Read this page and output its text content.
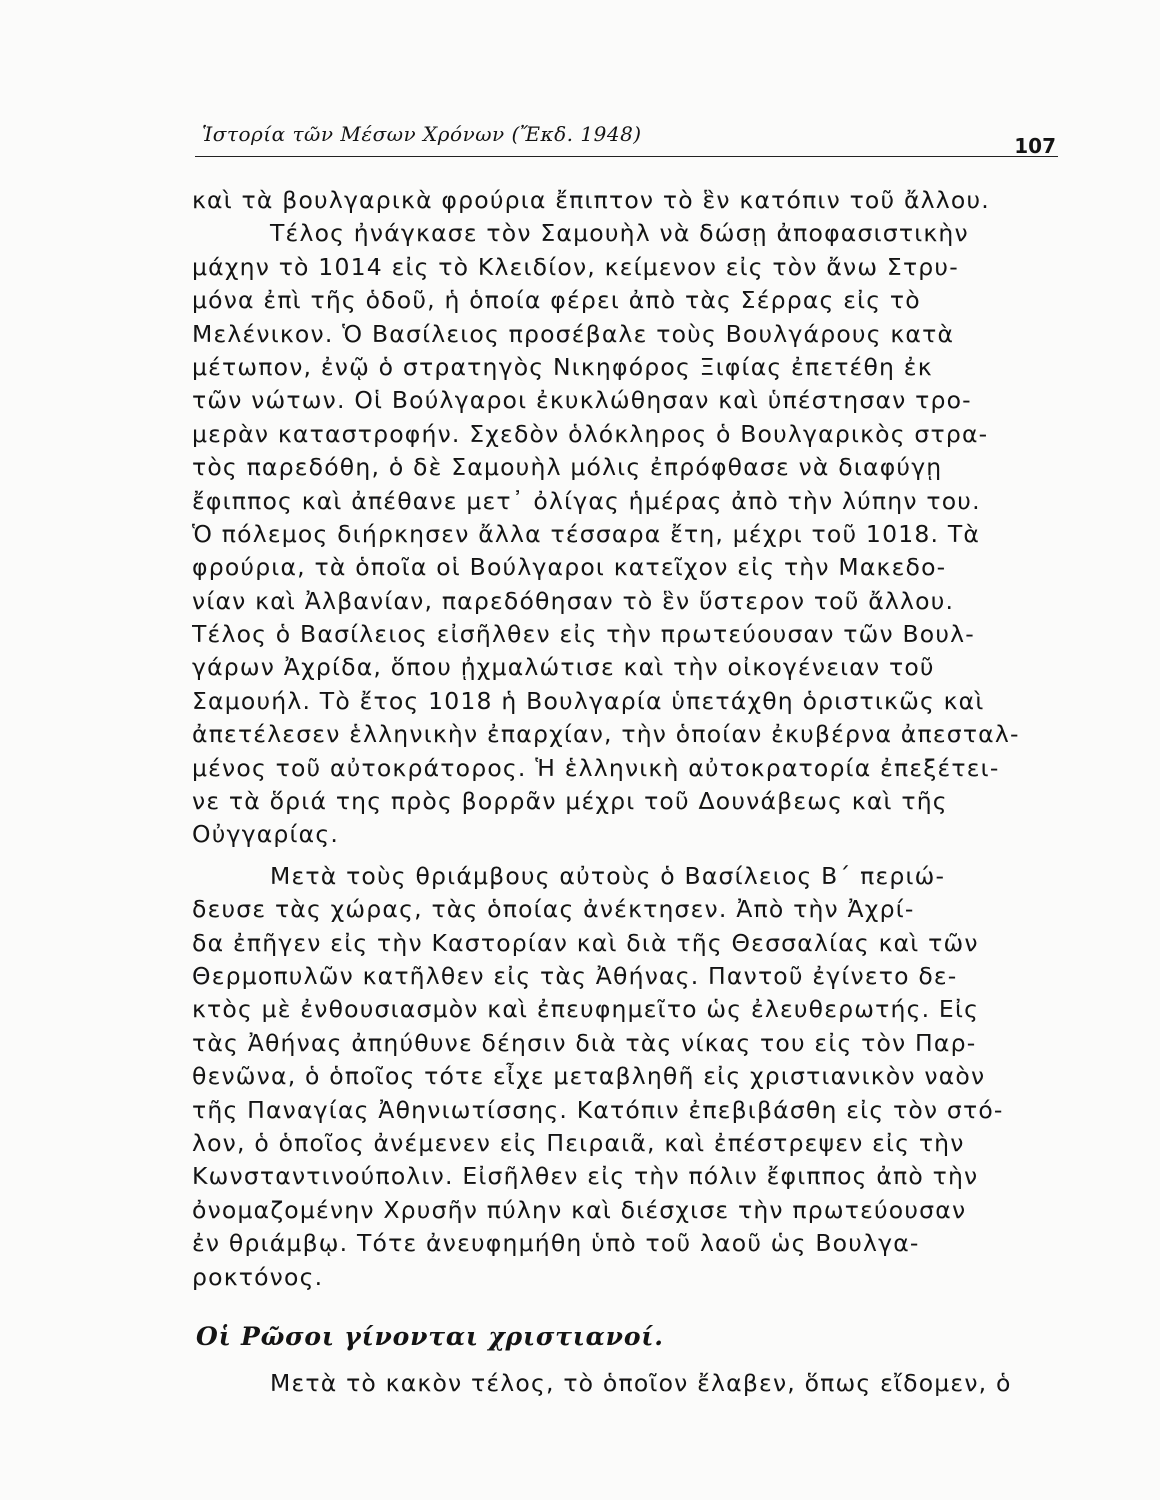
Ἱστορία τῶν Μέσων Χρόνων (Ἔκδ. 1948)	107
καὶ τὰ βουλγαρικὰ φρούρια ἔπιπτον τὸ ἓν κατόπιν τοῦ ἄλλου.
Τέλος ἠνάγκασε τὸν Σαμουὴλ νὰ δώσῃ ἀποφασιστικὴν
μάχην τὸ 1014 εἰς τὸ Κλειδίον, κείμενον εἰς τὸν ἄνω Στρυ-
μόνα ἐπὶ τῆς ὁδοῦ, ἡ ὁποία φέρει ἀπὸ τὰς Σέρρας εἰς τὸ
Μελένικον. Ὁ Βασίλειος προσέβαλε τοὺς Βουλγάρους κατὰ
μέτωπον, ἐνῷ ὁ στρατηγὸς Νικηφόρος Ξιφίας ἐπετέθη ἐκ
τῶν νώτων. Οἱ Βούλγαροι ἐκυκλώθησαν καὶ ὑπέστησαν τρο-
μερὰν καταστροφήν. Σχεδὸν ὁλόκληρος ὁ Βουλγαρικὸς στρα-
τὸς παρεδόθη, ὁ δὲ Σαμουὴλ μόλις ἐπρόφθασε νὰ διαφύγῃ
ἔφιππος καὶ ἀπέθανε μετ᾽ ὀλίγας ἡμέρας ἀπὸ τὴν λύπην του.
Ὁ πόλεμος διήρκησεν ἄλλα τέσσαρα ἔτη, μέχρι τοῦ 1018. Τὰ
φρούρια, τὰ ὁποῖα οἱ Βούλγαροι κατεῖχον εἰς τὴν Μακεδο-
νίαν καὶ Ἀλβανίαν, παρεδόθησαν τὸ ἓν ὕστερον τοῦ ἄλλου.
Τέλος ὁ Βασίλειος εἰσῆλθεν εἰς τὴν πρωτεύουσαν τῶν Βουλ-
γάρων Ἀχρίδα, ὅπου ᾐχμαλώτισε καὶ τὴν οἰκογένειαν τοῦ
Σαμουήλ. Τὸ ἔτος 1018 ἡ Βουλγαρία ὑπετάχθη ὁριστικῶς καὶ
ἀπετέλεσεν ἑλληνικὴν ἐπαρχίαν, τὴν ὁποίαν ἐκυβέρνα ἀπεσταλ-
μένος τοῦ αὐτοκράτορος. Ἡ ἑλληνικὴ αὐτοκρατορία ἐπεξέτει-
νε τὰ ὅριά της πρὸς βορρᾶν μέχρι τοῦ Δουνάβεως καὶ τῆς
Οὐγγαρίας.
Μετὰ τοὺς θριάμβους αὐτοὺς ὁ Βασίλειος Β΄ περιώ-
δευσε τὰς χώρας, τὰς ὁποίας ἀνέκτησεν. Ἀπὸ τὴν Ἀχρί-
δα ἐπῆγεν εἰς τὴν Καστορίαν καὶ διὰ τῆς Θεσσαλίας καὶ τῶν
Θερμοπυλῶν κατῆλθεν εἰς τὰς Ἀθήνας. Παντοῦ ἐγίνετο δε-
κτὸς μὲ ἐνθουσιασμὸν καὶ ἐπευφημεῖτο ὡς ἐλευθερωτής. Εἰς
τὰς Ἀθήνας ἀπηύθυνε δέησιν διὰ τὰς νίκας του εἰς τὸν Παρ-
θενῶνα, ὁ ὁποῖος τότε εἶχε μεταβληθῆ εἰς χριστιανικὸν ναὸν
τῆς Παναγίας Ἀθηνιωτίσσης. Κατόπιν ἐπεβιβάσθη εἰς τὸν στό-
λον, ὁ ὁποῖος ἀνέμενεν εἰς Πειραιᾶ, καὶ ἐπέστρεψεν εἰς τὴν
Κωνσταντινούπολιν. Εἰσῆλθεν εἰς τὴν πόλιν ἔφιππος ἀπὸ τὴν
ὀνομαζομένην Χρυσῆν πύλην καὶ διέσχισε τὴν πρωτεύουσαν
ἐν θριάμβῳ. Τότε ἀνευφημήθη ὑπὸ τοῦ λαοῦ ὡς Βουλγα-
ροκτόνος.
Οἱ Ρῶσοι γίνονται χριστιανοί.
Μετὰ τὸ κακὸν τέλος, τὸ ὁποῖον ἔλαβεν, ὅπως εἴδομεν, ὁ
